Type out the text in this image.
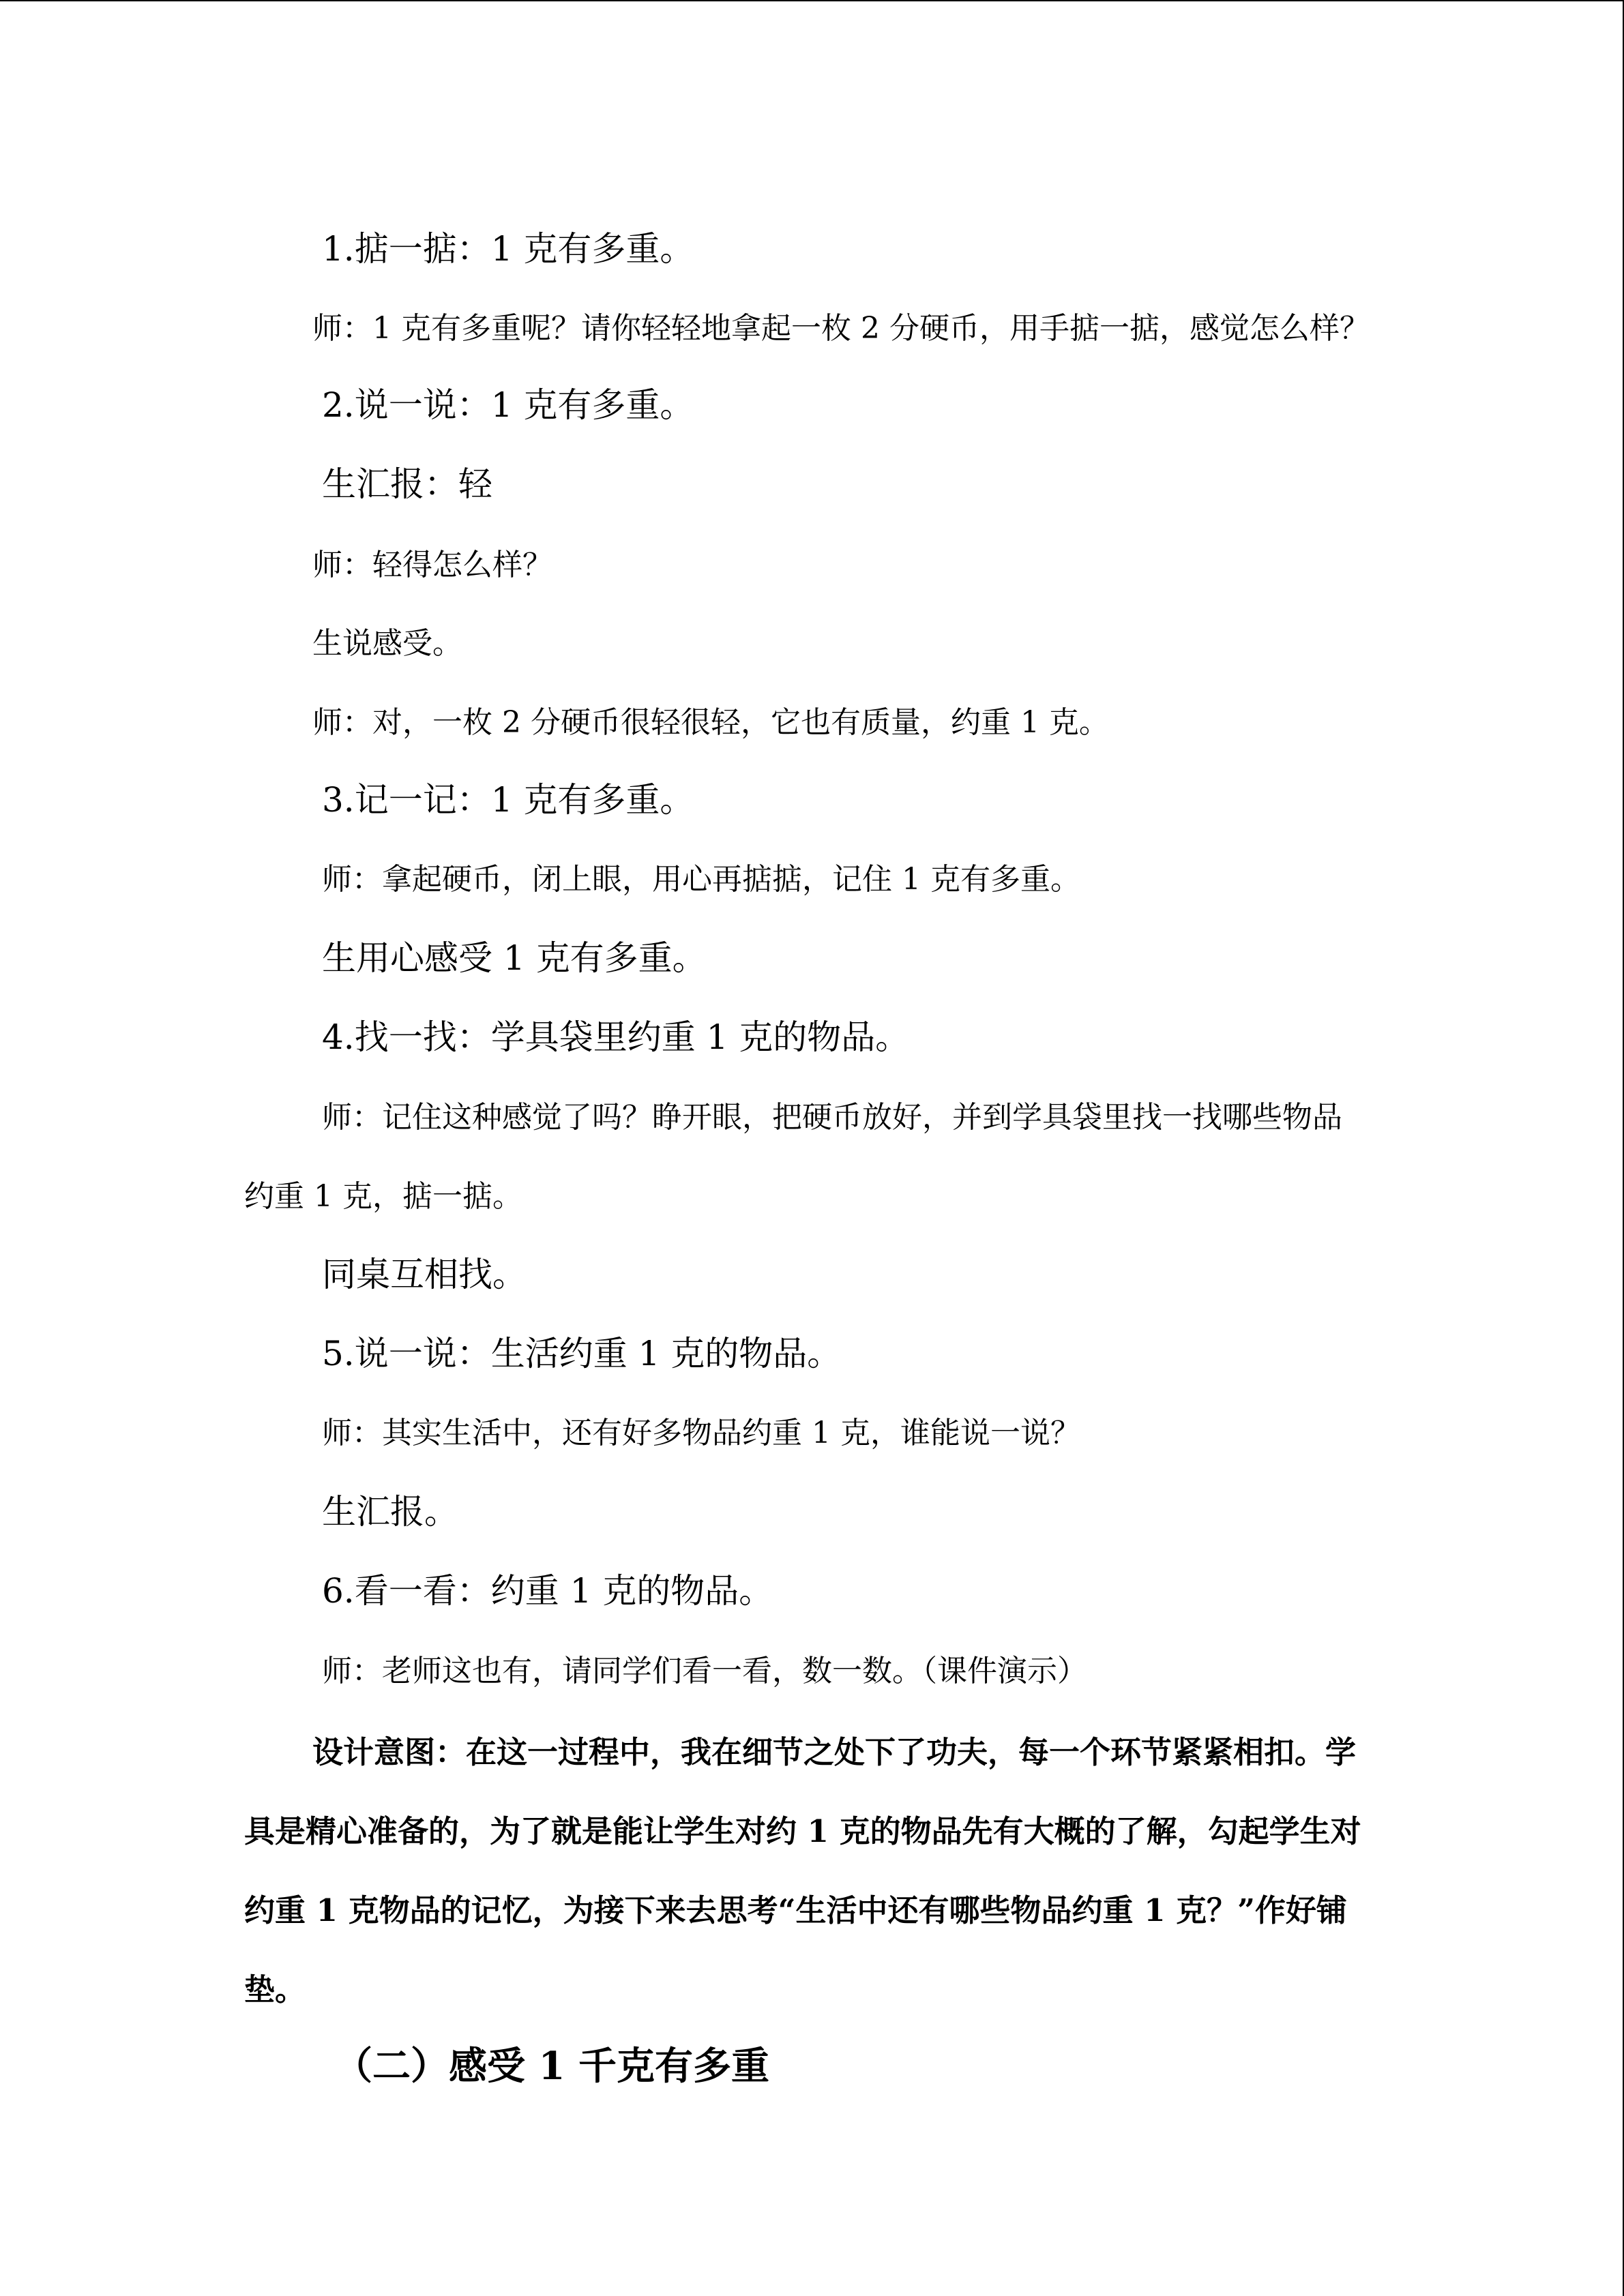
1.掂一掂：1 克有多重。
师：1 克有多重呢？请你轻轻地拿起一枚 2 分硬币，用手掂一掂，感觉怎么样？
2.说一说：1 克有多重。
生汇报：轻
师：轻得怎么样？
生说感受。
师：对，一枚 2 分硬币很轻很轻，它也有质量，约重 1 克。
3.记一记：1 克有多重。
师：拿起硬币，闭上眼，用心再掂掂，记住 1 克有多重。
生用心感受 1 克有多重。
4.找一找：学具袋里约重 1 克的物品。
师：记住这种感觉了吗？睁开眼，把硬币放好，并到学具袋里找一找哪些物品
约重 1 克，掂一掂。
同桌互相找。
5.说一说：生活约重 1 克的物品。
师：其实生活中，还有好多物品约重 1 克，谁能说一说？
生汇报。
6.看一看：约重 1 克的物品。
师：老师这也有，请同学们看一看，数一数。（课件演示）
设计意图：在这一过程中，我在细节之处下了功夫，每一个环节紧紧相扣。学
具是精心准备的，为了就是能让学生对约 1 克的物品先有大概的了解，勾起学生对
约重 1 克物品的记忆，为接下来去思考“生活中还有哪些物品约重 1 克？”作好铺
垫。
（二）感受 1 千克有多重
